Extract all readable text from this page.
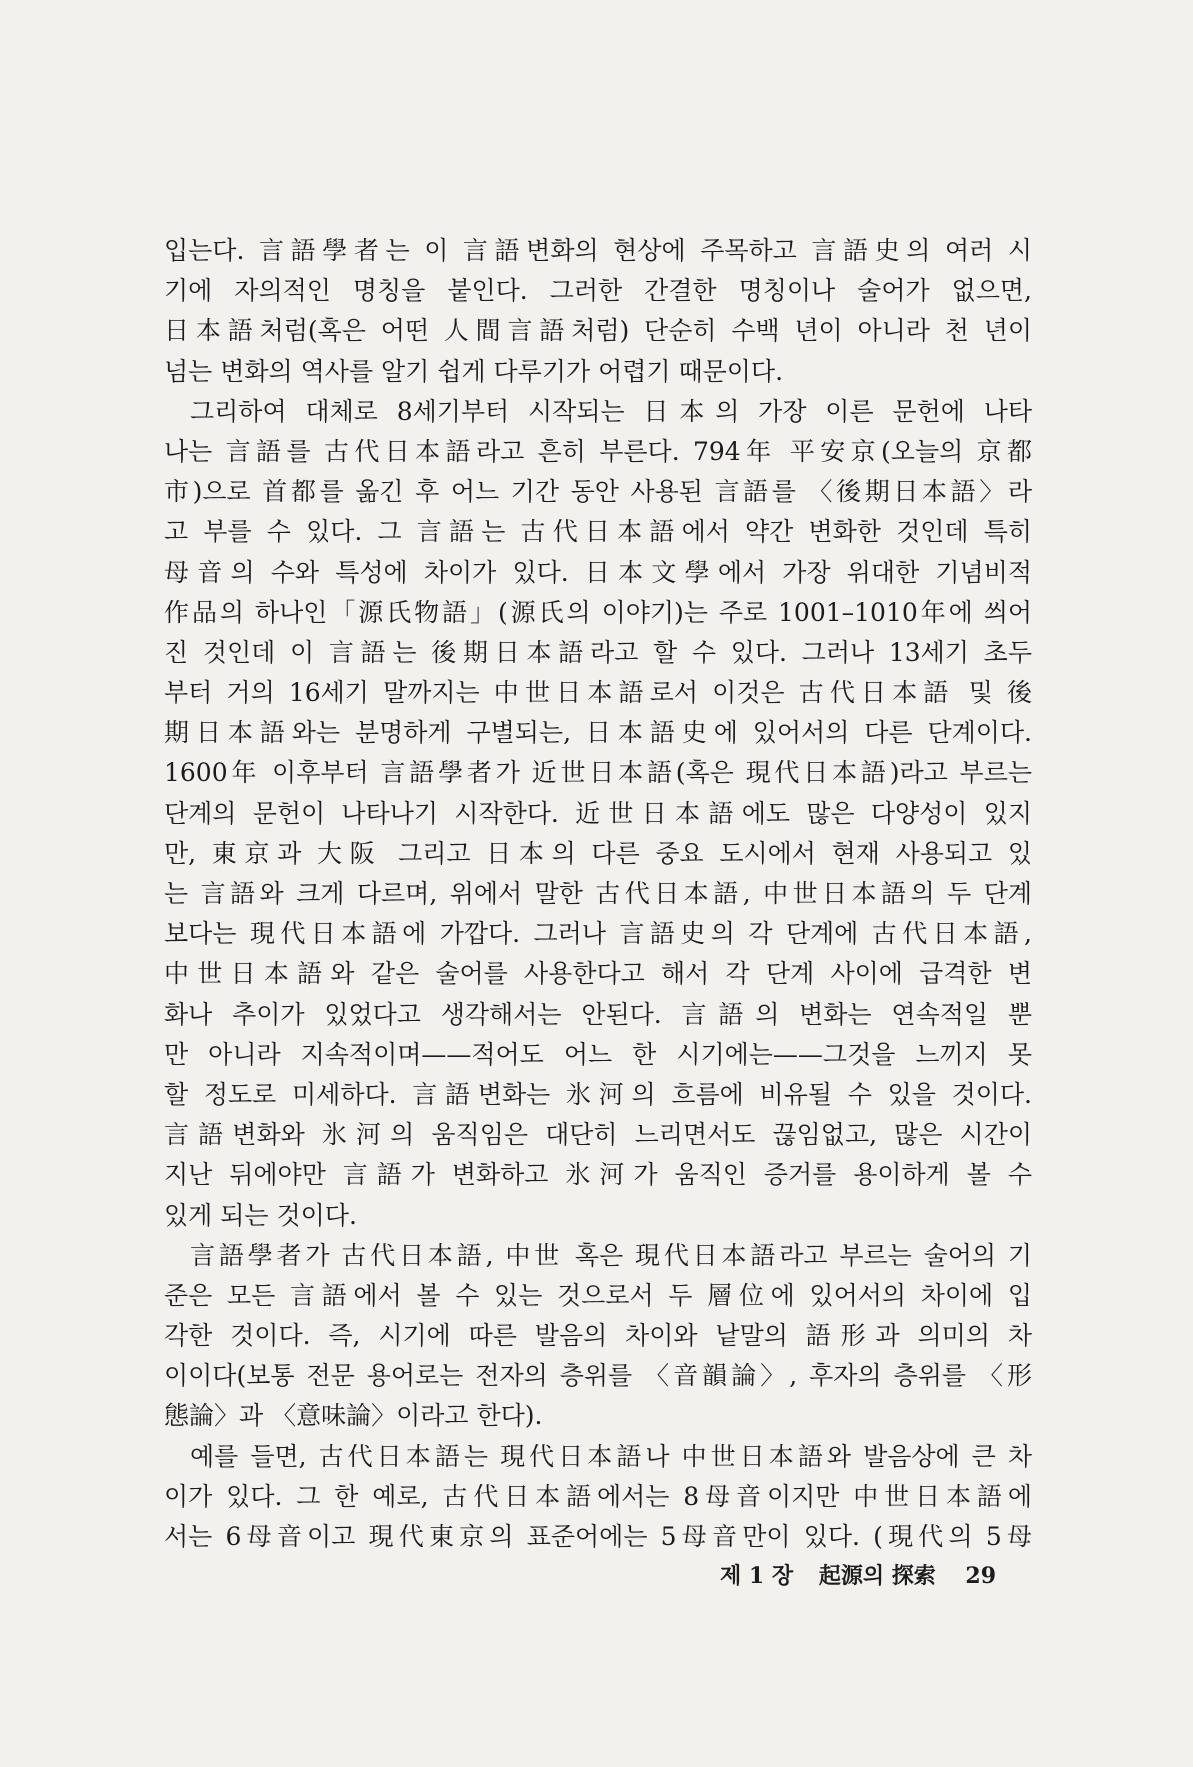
입는다. 言語學者는 이 言語변화의 현상에 주목하고 言語史의 여러 시
기에 자의적인 명칭을 붙인다. 그러한 간결한 명칭이나 술어가 없으면,
日本語처럼(혹은 어떤 人間言語처럼) 단순히 수백 년이 아니라 천 년이
넘는 변화의 역사를 알기 쉽게 다루기가 어렵기 때문이다.
그리하여 대체로 8세기부터 시작되는 日本의 가장 이른 문헌에 나타
나는 言語를 古代日本語라고 흔히 부른다. 794年 平安京(오늘의 京都
市)으로 首都를 옮긴 후 어느 기간 동안 사용된 言語를 〈後期日本語〉라
고 부를 수 있다. 그 言語는 古代日本語에서 약간 변화한 것인데 특히
母音의 수와 특성에 차이가 있다. 日本文學에서 가장 위대한 기념비적
作品의 하나인「源氏物語」(源氏의 이야기)는 주로 1001–1010年에 씌어
진 것인데 이 言語는 後期日本語라고 할 수 있다. 그러나 13세기 초두
부터 거의 16세기 말까지는 中世日本語로서 이것은 古代日本語 및 後
期日本語와는 분명하게 구별되는, 日本語史에 있어서의 다른 단계이다.
1600年 이후부터 言語學者가 近世日本語(혹은 現代日本語)라고 부르는
단계의 문헌이 나타나기 시작한다. 近世日本語에도 많은 다양성이 있지
만, 東京과 大阪 그리고 日本의 다른 중요 도시에서 현재 사용되고 있
는 言語와 크게 다르며, 위에서 말한 古代日本語, 中世日本語의 두 단계
보다는 現代日本語에 가깝다. 그러나 言語史의 각 단계에 古代日本語,
中世日本語와 같은 술어를 사용한다고 해서 각 단계 사이에 급격한 변
화나 추이가 있었다고 생각해서는 안된다. 言語의 변화는 연속적일 뿐
만 아니라 지속적이며——적어도 어느 한 시기에는——그것을 느끼지 못
할 정도로 미세하다. 言語변화는 氷河의 흐름에 비유될 수 있을 것이다.
言語변화와 氷河의 움직임은 대단히 느리면서도 끊임없고, 많은 시간이
지난 뒤에야만 言語가 변화하고 氷河가 움직인 증거를 용이하게 볼 수
있게 되는 것이다.
言語學者가 古代日本語, 中世 혹은 現代日本語라고 부르는 술어의 기
준은 모든 言語에서 볼 수 있는 것으로서 두 層位에 있어서의 차이에 입
각한 것이다. 즉, 시기에 따른 발음의 차이와 낱말의 語形과 의미의 차
이이다(보통 전문 용어로는 전자의 층위를 〈音韻論〉, 후자의 층위를 〈形
態論〉과 〈意味論〉이라고 한다).
예를 들면, 古代日本語는 現代日本語나 中世日本語와 발음상에 큰 차
이가 있다. 그 한 예로, 古代日本語에서는 8母音이지만 中世日本語에
서는 6母音이고 現代東京의 표준어에는 5母音만이 있다. (現代의 5母
제 1 장 起源의 探索 29
